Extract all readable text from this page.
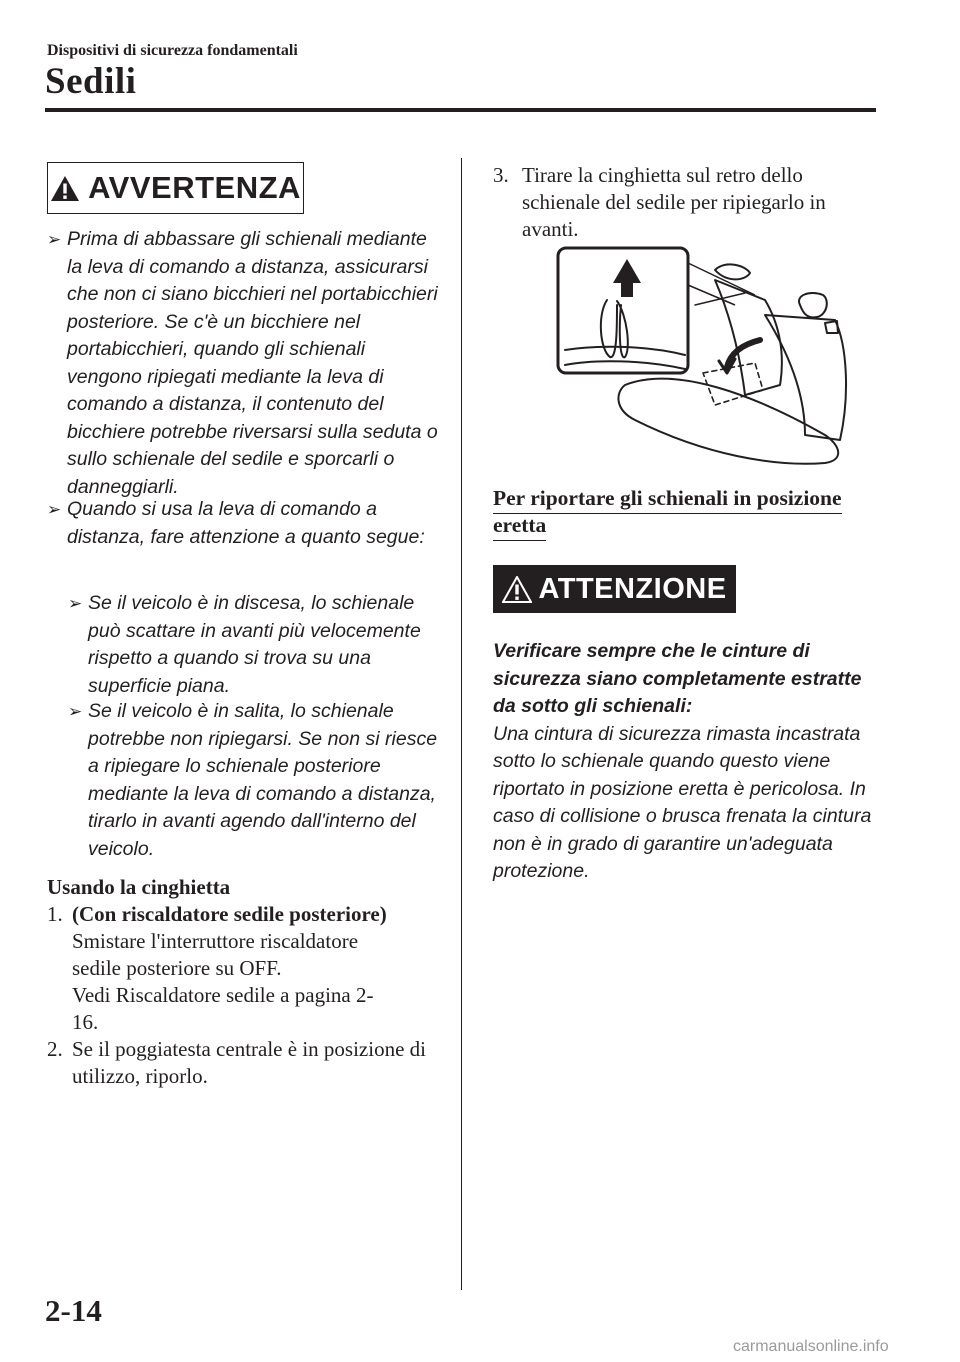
Dispositivi di sicurezza fondamentali
Sedili
AVVERTENZA
➢ Prima di abbassare gli schienali mediante la leva di comando a distanza, assicurarsi che non ci siano bicchieri nel portabicchieri posteriore. Se c'è un bicchiere nel portabicchieri, quando gli schienali vengono ripiegati mediante la leva di comando a distanza, il contenuto del bicchiere potrebbe riversarsi sulla seduta o sullo schienale del sedile e sporcarli o danneggiarli.
➢ Quando si usa la leva di comando a distanza, fare attenzione a quanto segue:
➢ Se il veicolo è in discesa, lo schienale può scattare in avanti più velocemente rispetto a quando si trova su una superficie piana.
➢ Se il veicolo è in salita, lo schienale potrebbe non ripiegarsi. Se non si riesce a ripiegare lo schienale posteriore mediante la leva di comando a distanza, tirarlo in avanti agendo dall'interno del veicolo.
Usando la cinghietta
1. (Con riscaldatore sedile posteriore)
Smistare l'interruttore riscaldatore sedile posteriore su OFF.
Vedi Riscaldatore sedile a pagina 2-16.
2. Se il poggiatesta centrale è in posizione di utilizzo, riporlo.
3. Tirare la cinghietta sul retro dello schienale del sedile per ripiegarlo in avanti.
Per riportare gli schienali in posizione eretta
ATTENZIONE
Verificare sempre che le cinture di sicurezza siano completamente estratte da sotto gli schienali:
Una cintura di sicurezza rimasta incastrata sotto lo schienale quando questo viene riportato in posizione eretta è pericolosa. In caso di collisione o brusca frenata la cintura non è in grado di garantire un'adeguata protezione.
2-14
carmanualsonline.info
